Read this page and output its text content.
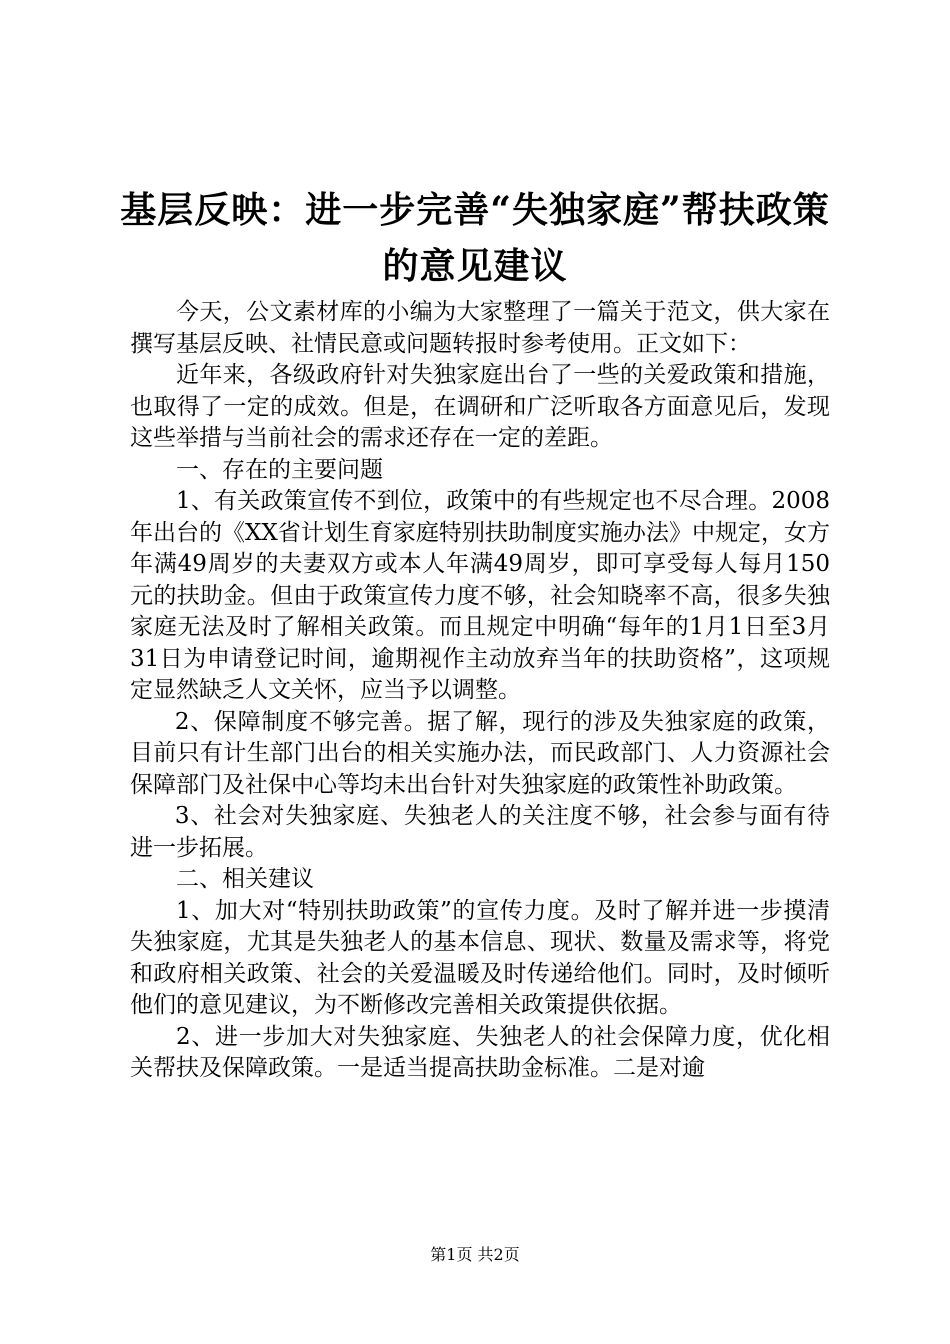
基层反映：进一步完善“失独家庭”帮扶政策
的意见建议

今天，公文素材库的小编为大家整理了一篇关于范文，供大家在撰写基层反映、社情民意或问题转报时参考使用。正文如下：

近年来，各级政府针对失独家庭出台了一些的关爱政策和措施，也取得了一定的成效。但是，在调研和广泛听取各方面意见后，发现这些举措与当前社会的需求还存在一定的差距。

一、存在的主要问题

1、有关政策宣传不到位，政策中的有些规定也不尽合理。2008年出台的《XX省计划生育家庭特别扶助制度实施办法》中规定，女方年满49周岁的夫妻双方或本人年满49周岁，即可享受每人每月150元的扶助金。但由于政策宣传力度不够，社会知晓率不高，很多失独家庭无法及时了解相关政策。而且规定中明确“每年的1月1日至3月31日为申请登记时间，逾期视作主动放弃当年的扶助资格”，这项规定显然缺乏人文关怀，应当予以调整。

2、保障制度不够完善。据了解，现行的涉及失独家庭的政策，目前只有计生部门出台的相关实施办法，而民政部门、人力资源社会保障部门及社保中心等均未出台针对失独家庭的政策性补助政策。

3、社会对失独家庭、失独老人的关注度不够，社会参与面有待进一步拓展。

二、相关建议

1、加大对“特别扶助政策”的宣传力度。及时了解并进一步摸清失独家庭，尤其是失独老人的基本信息、现状、数量及需求等，将党和政府相关政策、社会的关爱温暖及时传递给他们。同时，及时倾听他们的意见建议，为不断修改完善相关政策提供依据。

2、进一步加大对失独家庭、失独老人的社会保障力度，优化相关帮扶及保障政策。一是适当提高扶助金标准。二是对逾

第1页 共2页
